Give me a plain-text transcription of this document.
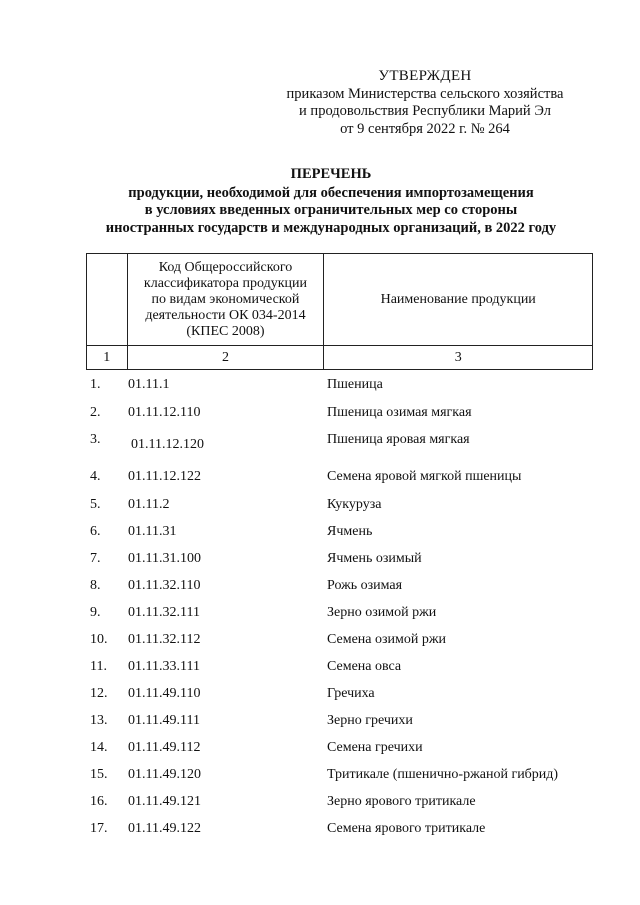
УТВЕРЖДЕН
приказом Министерства сельского хозяйства
и продовольствия Республики Марий Эл
от 9 сентября 2022 г. № 264
ПЕРЕЧЕНЬ
продукции, необходимой для обеспечения импортозамещения
в условиях введенных ограничительных мер со стороны
иностранных государств и международных организаций, в 2022 году

	Код Общероссийского
классификатора продукции
по видам экономической
деятельности ОК 034-2014
(КПЕС 2008)	Наименование продукции
1	2	3
1. 01.11.1	Пшеница
2. 01.11.12.110	Пшеница озимая мягкая
3. 01.11.12.120	Пшеница яровая мягкая
4. 01.11.12.122	Семена яровой мягкой пшеницы
5. 01.11.2	Кукуруза
6. 01.11.31	Ячмень
7. 01.11.31.100	Ячмень озимый
8. 01.11.32.110	Рожь озимая
9. 01.11.32.111	Зерно озимой ржи
10. 01.11.32.112	Семена озимой ржи
11. 01.11.33.111	Семена овса
12. 01.11.49.110	Гречиха
13. 01.11.49.111	Зерно гречихи
14. 01.11.49.112	Семена гречихи
15. 01.11.49.120	Тритикале (пшенично-ржаной гибрид)
16. 01.11.49.121	Зерно ярового тритикале
17. 01.11.49.122	Семена ярового тритикале
